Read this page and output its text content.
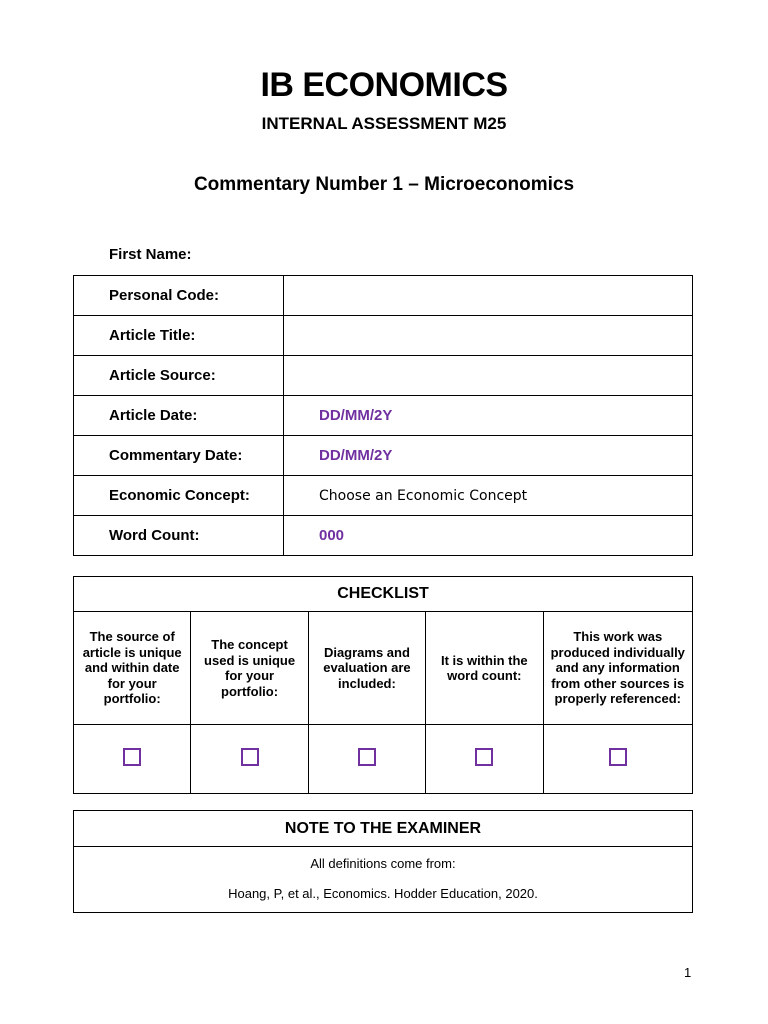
IB ECONOMICS
INTERNAL ASSESSMENT M25
Commentary Number 1 – Microeconomics
First Name:
Personal Code:	
Article Title:	
Article Source:	
Article Date:	DD/MM/2Y
Commentary Date:	DD/MM/2Y
Economic Concept:	Choose an Economic Concept
Word Count:	000
CHECKLIST				
The source of article is unique and within date for your portfolio:	The concept used is unique for your portfolio:	Diagrams and evaluation are included:	It is within the word count:	This work was produced individually and any information from other sources is properly referenced:

NOTE TO THE EXAMINER

All definitions come from:
Hoang, P, et al., Economics. Hodder Education, 2020.
1
